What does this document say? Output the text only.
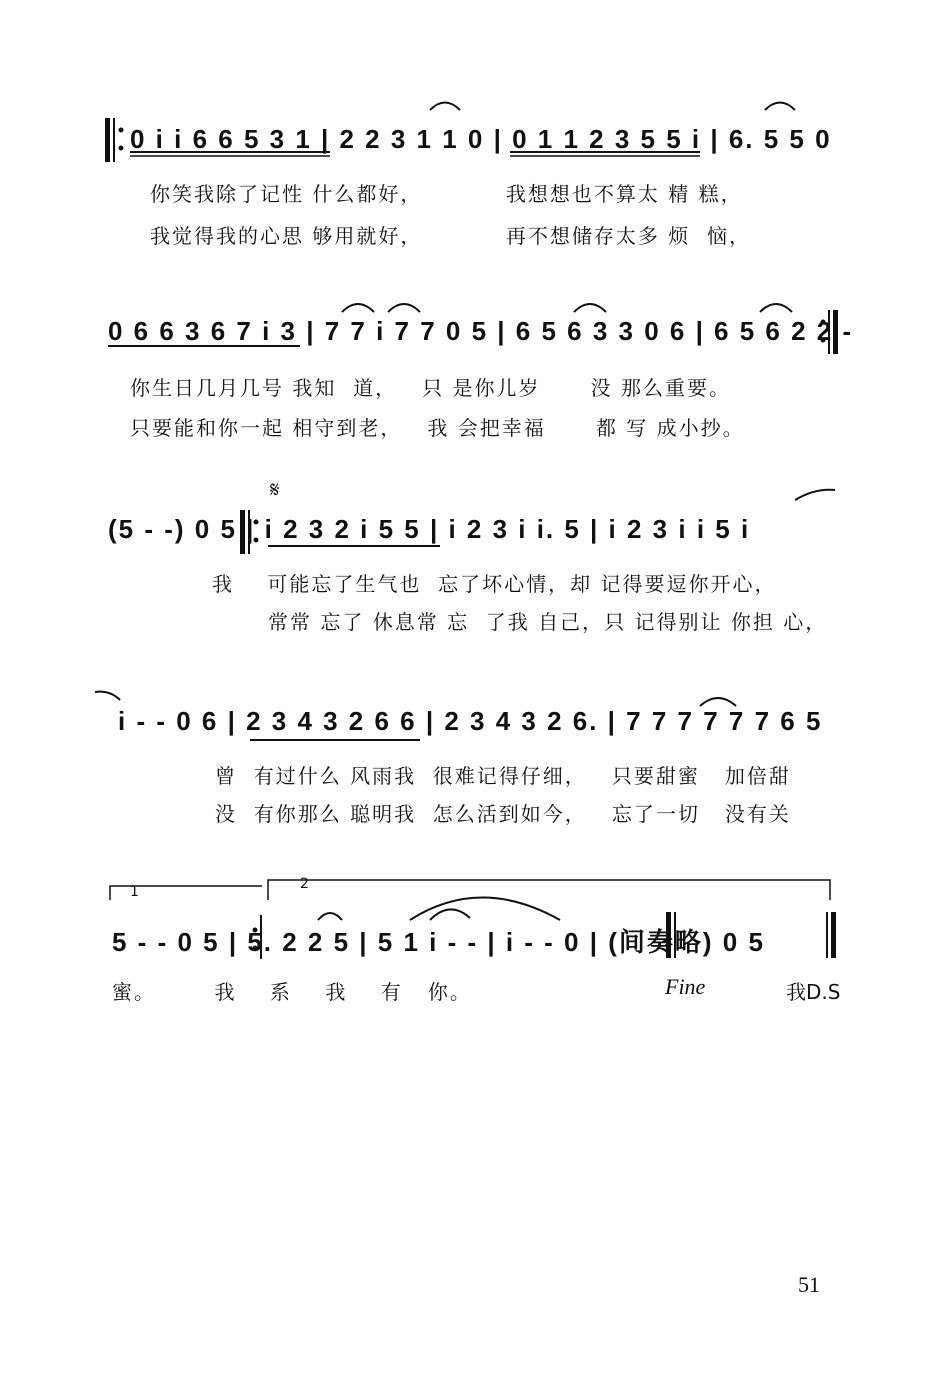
0 i i 6 6 5 3 1 | 2 2 3 1 1 0 | 0 1 1 2 3 5 5 i | 6. 5 5 0
你笑我除了记性 什么都好，          我想想也不算太 精 糕，
我觉得我的心思 够用就好，          再不想储存太多 烦  恼，
0 6 6 3 6 7 i 3 | 7 7 i 7 7 0 5 | 6 5 6 3 3 0 6 | 6 5 6 2 2 -
你生日几月几号 我知  道，   只 是你儿岁      没 那么重要。
只要能和你一起 相守到老，   我 会把幸福      都 写 成小抄。
𝄋
(5 - -) 0 5 | i 2 3 2 i 5 5 | i 2 3 i i. 5 | i 2 3 i i 5 i
我    可能忘了生气也  忘了坏心情，却 记得要逗你开心，
常常 忘了 休息常 忘  了我 自己，只 记得别让 你担 心，
i - - 0 6 | 2 3 4 3 2 6 6 | 2 3 4 3 2 6. | 7 7 7 7 7 7 6 5
曾  有过什么 风雨我  很难记得仔细，   只要甜蜜   加倍甜
没  有你那么 聪明我  怎么活到如今，   忘了一切   没有关
1	2
5 - - 0 5 | 5. 2 2 5 | 5 1 i - - | i - - 0 | (间奏略) 0 5
蜜。       我    系    我    有   你。	Fine	我D.S
51
